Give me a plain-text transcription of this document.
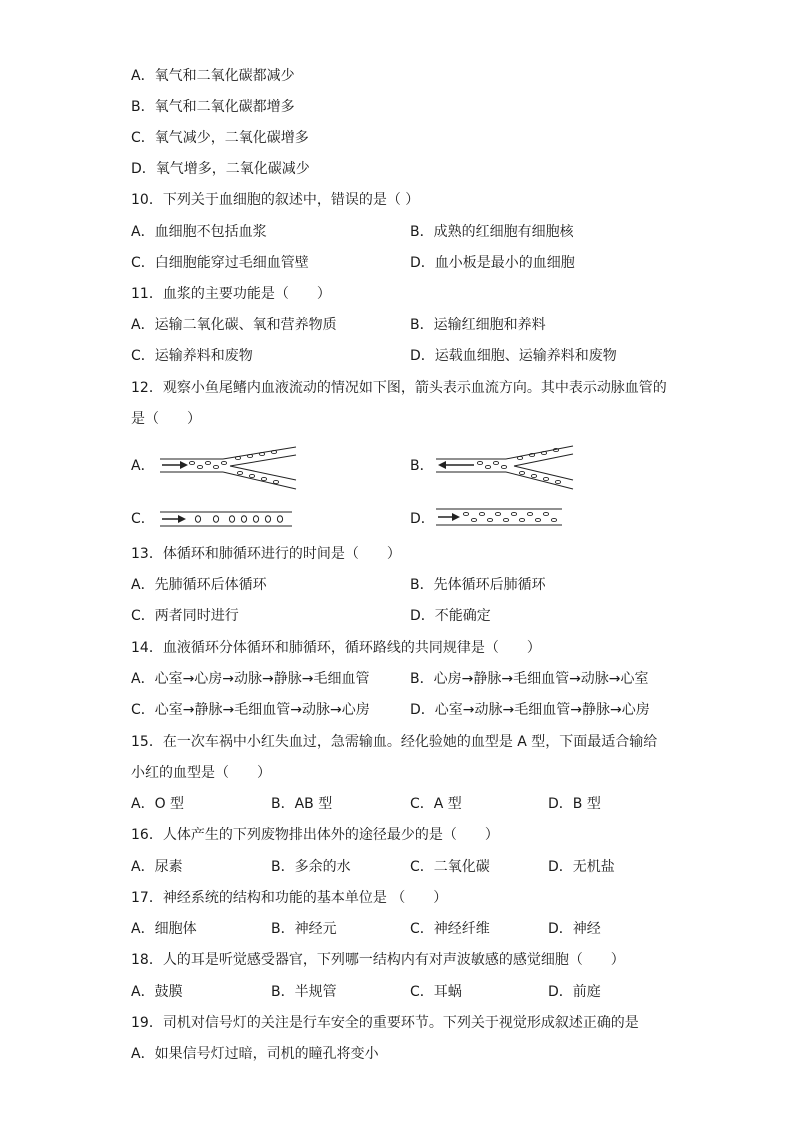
A．氧气和二氧化碳都减少
B．氧气和二氧化碳都增多
C．氧气减少，二氧化碳增多
D．氧气增多，二氧化碳减少
10．下列关于血细胞的叙述中，错误的是（ ）
A．血细胞不包括血浆	B．成熟的红细胞有细胞核
C．白细胞能穿过毛细血管壁	D．血小板是最小的血细胞
11．血浆的主要功能是（　　）
A．运输二氧化碳、氧和营养物质	B．运输红细胞和养料
C．运输养料和废物	D．运载血细胞、运输养料和废物
12．观察小鱼尾鳍内血液流动的情况如下图，箭头表示血流方向。其中表示动脉血管的
是（　　）
A．	B．
C．	D．
13．体循环和肺循环进行的时间是（　　）
A．先肺循环后体循环	B．先体循环后肺循环
C．两者同时进行	D．不能确定
14．血液循环分体循环和肺循环，循环路线的共同规律是（　　）
A．心室→心房→动脉→静脉→毛细血管	B．心房→静脉→毛细血管→动脉→心室
C．心室→静脉→毛细血管→动脉→心房	D．心室→动脉→毛细血管→静脉→心房
15．在一次车祸中小红失血过，急需输血。经化验她的血型是 A 型，下面最适合输给
小红的血型是（　　）
A．O 型	B．AB 型	C．A 型	D．B 型
16．人体产生的下列废物排出体外的途径最少的是（　　）
A．尿素	B．多余的水	C．二氧化碳	D．无机盐
17．神经系统的结构和功能的基本单位是 （　　）
A．细胞体	B．神经元	C．神经纤维	D．神经
18．人的耳是听觉感受器官，下列哪一结构内有对声波敏感的感觉细胞（　　）
A．鼓膜	B．半规管	C．耳蜗	D．前庭
19．司机对信号灯的关注是行车安全的重要环节。下列关于视觉形成叙述正确的是
A．如果信号灯过暗，司机的瞳孔将变小
